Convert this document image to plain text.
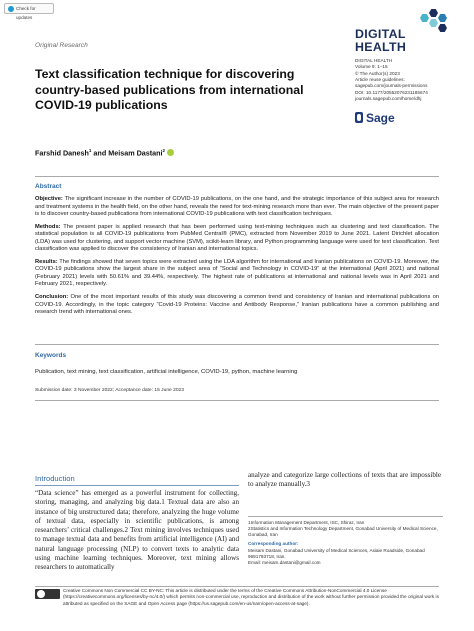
Check for updates
Original Research
DIGITAL
HEALTH
DIGITAL HEALTH
Volume 9: 1–15
© The Author(s) 2023
Article reuse guidelines:
sagepub.com/journals-permissions
DOI: 10.1177/20552076231185674
journals.sagepub.com/home/dhj
Sage
Text classification technique for discovering
country-based publications from international
COVID-19 publications
Farshid Danesh$^1$ and Meisam Dastani$^2$
Abstract

Objective: The significant increase in the number of COVID-19 publications, on the one hand, and the strategic importance of this subject area for research and treatment systems in the health field, on the other hand, reveals the need for text-mining research more than ever. The main objective of the present paper is to discover country-based publications from international COVID-19 publications with text classification techniques.

Methods: The present paper is applied research that has been performed using text-mining techniques such as clustering and text classification. The statistical population is all COVID-19 publications from PubMed Central® (PMC), extracted from November 2019 to June 2021. Latent Dirichlet allocation (LDA) was used for clustering, and support vector machine (SVM), scikit-learn library, and Python programming language were used for text classification. Text classification was applied to discover the consistency of Iranian and international topics.

Results: The findings showed that seven topics were extracted using the LDA algorithm for international and Iranian publications on COVID-19. Moreover, the COVID-19 publications show the largest share in the subject area of “Social and Technology in COVID-19” at the international (April 2021) and national (February 2021) levels with 50.61% and 39.44%, respectively. The highest rate of publications at international and national levels was in April 2021 and February 2021, respectively.

Conclusion: One of the most important results of this study was discovering a common trend and consistency of Iranian and international publications on COVID-19. Accordingly, in the topic category “Covid-19 Proteins: Vaccine and Antibody Response,” Iranian publications have a common publishing and research trend with international ones.

Keywords
Publication, text mining, text classification, artificial intelligence, COVID-19, python, machine learning
Submission date: 3 November 2022; Acceptance date: 15 June 2023
Introduction
“Data science” has emerged as a powerful instrument for collecting, storing, managing, and analyzing big data.1 Textual data are also an instance of big unstructured data; therefore, analyzing the huge volume of textual data, especially in scientific publications, is among researchers’ critical challenges.2 Text mining involves techniques used to manage textual data and benefits from artificial intelligence (AI) and natural language processing (NLP) to convert texts to analytic data using machine learning techniques. Moreover, text mining allows researchers to automatically
analyze and categorize large collections of texts that are impossible to analyze manually.3
1Information Management Department, ISC, Shiraz, Iran
2Statistics and Information Technology Department, Gonabad University of Medical Science, Gonabad, Iran
Corresponding author:
Meisam Dastani, Gonabad University of Medical Sciences, Asiaie Roadside, Gonabad 9691793718, Iran.
Email: meisam.dastani@gmail.com
Creative Commons Non Commercial CC BY-NC: This article is distributed under the terms of the Creative Commons Attribution-NonCommercial 4.0 License (https://creativecommons.org/licenses/by-nc/4.0/) which permits non-commercial use, reproduction and distribution of the work without further permission provided the original work is attributed as specified on the SAGE and Open Access page (https://us.sagepub.com/en-us/nam/open-access-at-sage).
